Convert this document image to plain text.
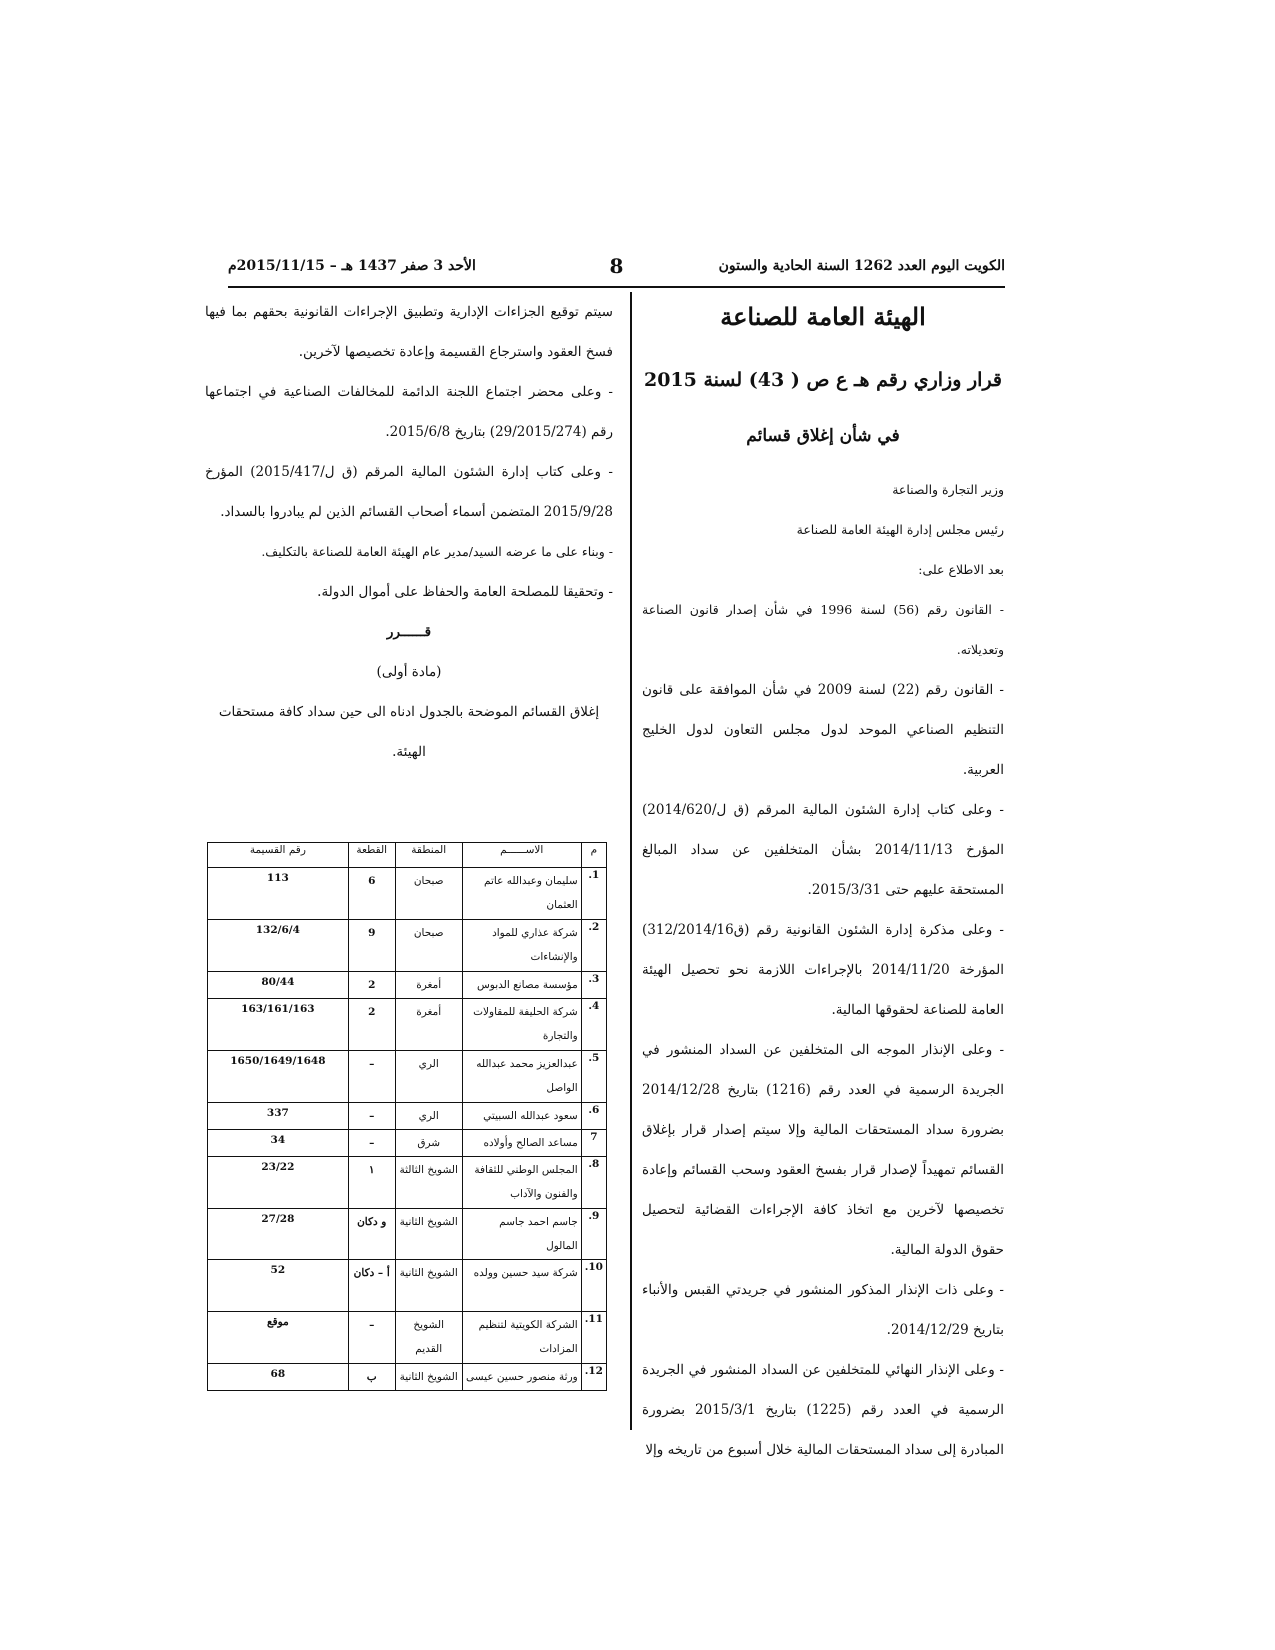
الكويت اليوم العدد 1262 السنة الحادية والستون
8
الأحد 3 صفر 1437 هـ – 2015/11/15م

الهيئة العامة للصناعة

قرار وزاري رقم هـ ع ص ( 43) لسنة 2015

في شأن إغلاق قسائم

وزير التجارة والصناعة

رئيس مجلس إدارة الهيئة العامة للصناعة

بعد الاطلاع على:

- القانون رقم (56) لسنة 1996 في شأن إصدار قانون الصناعة وتعديلاته.

- القانون رقم (22) لسنة 2009 في شأن الموافقة على قانون التنظيم الصناعي الموحد لدول مجلس التعاون لدول الخليج العربية.

- وعلى كتاب إدارة الشئون المالية المرقم (ق ل/2014/620) المؤرخ 2014/11/13 بشأن المتخلفين عن سداد المبالغ المستحقة عليهم حتى 2015/3/31.

- وعلى مذكرة إدارة الشئون القانونية رقم (ق312/2014/16) المؤرخة 2014/11/20 بالإجراءات اللازمة نحو تحصيل الهيئة العامة للصناعة لحقوقها المالية.

- وعلى الإنذار الموجه الى المتخلفين عن السداد المنشور في الجريدة الرسمية في العدد رقم (1216) بتاريخ 2014/12/28 بضرورة سداد المستحقات المالية وإلا سيتم إصدار قرار بإغلاق القسائم تمهيداً لإصدار قرار بفسخ العقود وسحب القسائم وإعادة تخصيصها لآخرين مع اتخاذ كافة الإجراءات القضائية لتحصيل حقوق الدولة المالية.

- وعلى ذات الإنذار المذكور المنشور في جريدتي القبس والأنباء بتاريخ 2014/12/29.

- وعلى الإنذار النهائي للمتخلفين عن السداد المنشور في الجريدة الرسمية في العدد رقم (1225) بتاريخ 2015/3/1 بضرورة المبادرة إلى سداد المستحقات المالية خلال أسبوع من تاريخه وإلا

سيتم توقيع الجزاءات الإدارية وتطبيق الإجراءات القانونية بحقهم بما فيها فسخ العقود واسترجاع القسيمة وإعادة تخصيصها لآخرين.

- وعلى محضر اجتماع اللجنة الدائمة للمخالفات الصناعية في اجتماعها رقم (29/2015/274) بتاريخ 2015/6/8.

- وعلى كتاب إدارة الشئون المالية المرقم (ق ل/2015/417) المؤرخ 2015/9/28 المتضمن أسماء أصحاب القسائم الذين لم يبادروا بالسداد.

- وبناء على ما عرضه السيد/مدير عام الهيئة العامة للصناعة بالتكليف.

- وتحقيقا للمصلحة العامة والحفاظ على أموال الدولة.

قــــــرر

(مادة أولى)

إغلاق القسائم الموضحة بالجدول ادناه الى حين سداد كافة مستحقات الهيئة.

م	الاســــــم	المنطقة	القطعة	رقم القسيمة
1.	سليمان وعبدالله عاتم العثمان	صبحان	6	113
2.	شركة عذاري للمواد والإنشاءات	صبحان	9	132/6/4
3.	مؤسسة مصانع الدبوس	أمغرة	2	80/44
4.	شركة الحليفة للمقاولات والتجارة	أمغرة	2	163/161/163
5.	عبدالعزيز محمد عبدالله الواصل	الري	–	1650/1649/1648
6.	سعود عبدالله السبيتي	الري	–	337
7	مساعد الصالح وأولاده	شرق	–	34
8.	المجلس الوطني للثقافة والفنون والآداب	الشويخ الثالثة	١	23/22
9.	جاسم احمد جاسم المالول	الشويخ الثانية	و دكان	27/28
10.	شركة سيد حسين وولده	الشويخ الثانية	أ – دكان	52
11.	الشركة الكويتية لتنظيم المزادات	الشويخ القديم	–	موقع
12.	ورثة منصور حسين عيسى	الشويخ الثانية	ب	68
